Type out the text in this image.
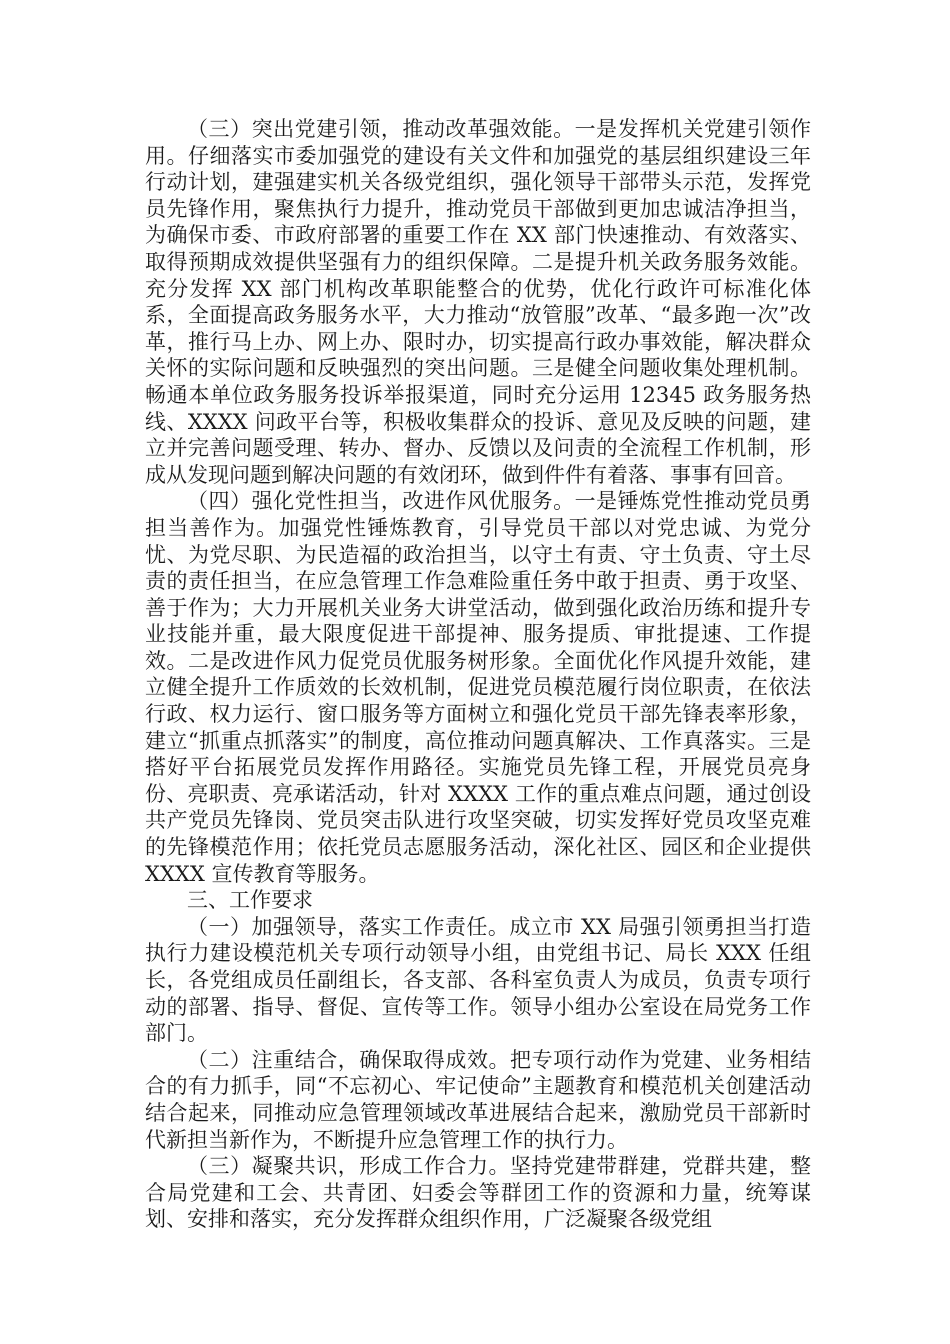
（三）突出党建引领，推动改革强效能。一是发挥机关党建引领作用。仔细落实市委加强党的建设有关文件和加强党的基层组织建设三年行动计划，建强建实机关各级党组织，强化领导干部带头示范，发挥党员先锋作用，聚焦执行力提升，推动党员干部做到更加忠诚洁净担当，为确保市委、市政府部署的重要工作在 XX 部门快速推动、有效落实、取得预期成效提供坚强有力的组织保障。二是提升机关政务服务效能。充分发挥 XX 部门机构改革职能整合的优势，优化行政许可标准化体系，全面提高政务服务水平，大力推动“放管服”改革、“最多跑一次”改革，推行马上办、网上办、限时办，切实提高行政办事效能，解决群众关怀的实际问题和反映强烈的突出问题。三是健全问题收集处理机制。畅通本单位政务服务投诉举报渠道，同时充分运用 12345 政务服务热线、XXXX 问政平台等，积极收集群众的投诉、意见及反映的问题，建立并完善问题受理、转办、督办、反馈以及问责的全流程工作机制，形成从发现问题到解决问题的有效闭环，做到件件有着落、事事有回音。

（四）强化党性担当，改进作风优服务。一是锤炼党性推动党员勇担当善作为。加强党性锤炼教育，引导党员干部以对党忠诚、为党分忧、为党尽职、为民造福的政治担当，以守土有责、守土负责、守土尽责的责任担当，在应急管理工作急难险重任务中敢于担责、勇于攻坚、善于作为；大力开展机关业务大讲堂活动，做到强化政治历练和提升专业技能并重，最大限度促进干部提神、服务提质、审批提速、工作提效。二是改进作风力促党员优服务树形象。全面优化作风提升效能，建立健全提升工作质效的长效机制，促进党员模范履行岗位职责，在依法行政、权力运行、窗口服务等方面树立和强化党员干部先锋表率形象，建立“抓重点抓落实”的制度，高位推动问题真解决、工作真落实。三是搭好平台拓展党员发挥作用路径。实施党员先锋工程，开展党员亮身份、亮职责、亮承诺活动，针对 XXXX 工作的重点难点问题，通过创设共产党员先锋岗、党员突击队进行攻坚突破，切实发挥好党员攻坚克难的先锋模范作用；依托党员志愿服务活动，深化社区、园区和企业提供 XXXX 宣传教育等服务。

三、工作要求

（一）加强领导，落实工作责任。成立市 XX 局强引领勇担当打造执行力建设模范机关专项行动领导小组，由党组书记、局长 XXX 任组长，各党组成员任副组长，各支部、各科室负责人为成员，负责专项行动的部署、指导、督促、宣传等工作。领导小组办公室设在局党务工作部门。

（二）注重结合，确保取得成效。把专项行动作为党建、业务相结合的有力抓手，同“不忘初心、牢记使命”主题教育和模范机关创建活动结合起来，同推动应急管理领域改革进展结合起来，激励党员干部新时代新担当新作为，不断提升应急管理工作的执行力。

（三）凝聚共识，形成工作合力。坚持党建带群建，党群共建，整合局党建和工会、共青团、妇委会等群团工作的资源和力量，统筹谋划、安排和落实，充分发挥群众组织作用，广泛凝聚各级党组
